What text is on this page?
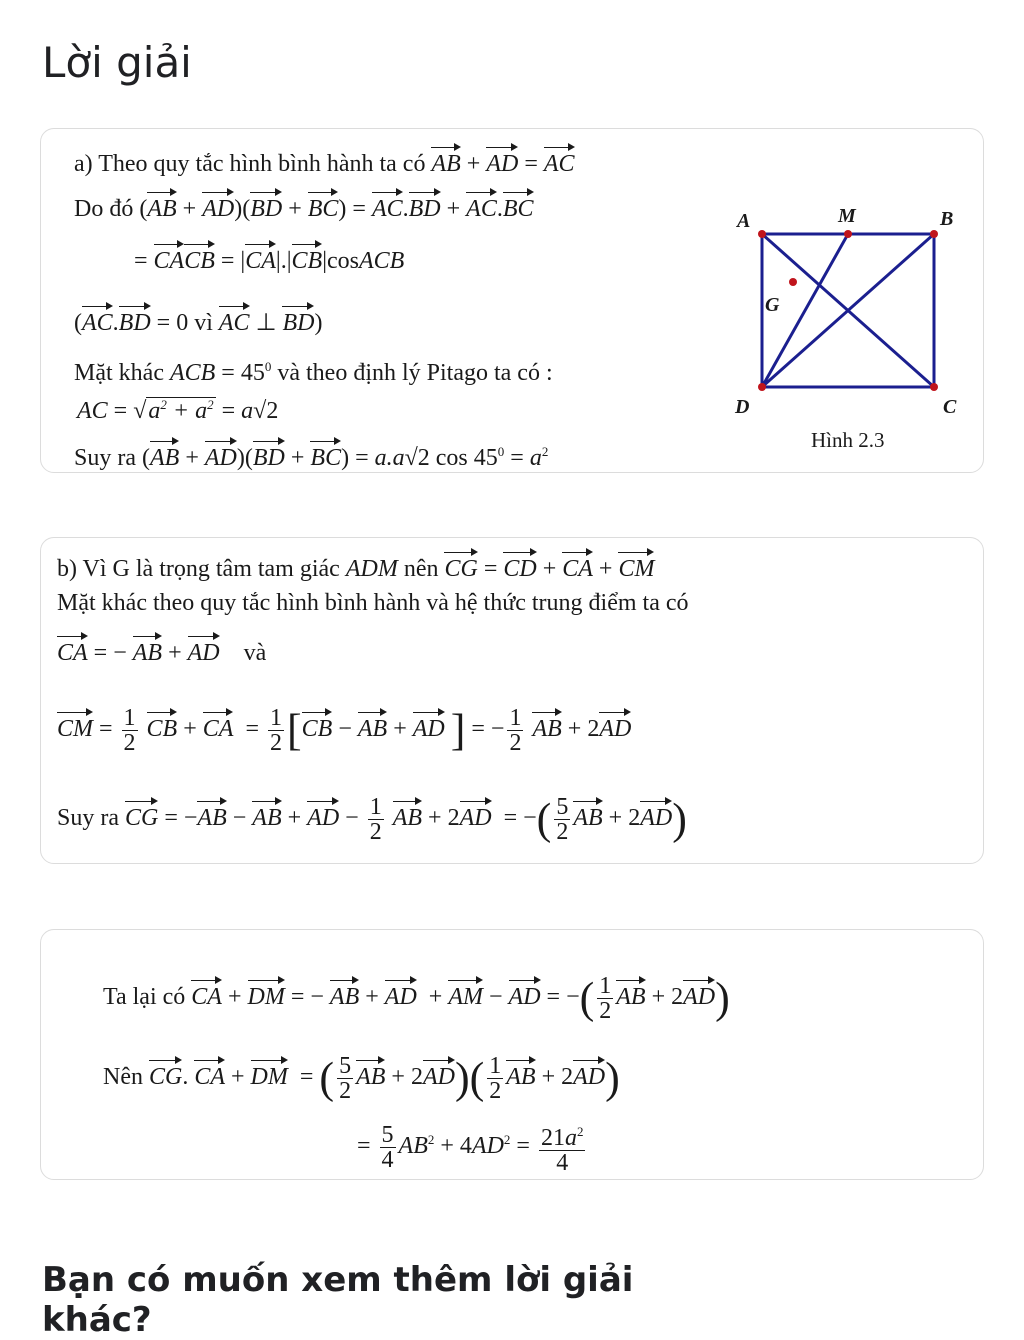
Lời giải
a) Theo quy tắc hình bình hành ta có AB + AD = AC
Do đó (AB + AD)(BD + BC) = AC.BD + AC.BC
= CACB = |CA|.|CB|cosACB
(AC.BD = 0 vì AC ⊥ BD)
Mặt khác ACB = $45^0$ và theo định lý Pitago ta có :
AC = $√a^2 + a^2 = a√2$
Suy ra (AB + AD)(BD + BC) = a.a√2 $\cos 45^0 = a^2$
A	M	B
G
D	C
Hình 2.3
b) Vì G là trọng tâm tam giác ADM nên CG = CD + CA + CM
Mặt khác theo quy tắc hình bình hành và hệ thức trung điểm ta có
CA = − AB + AD và
CM = $\frac{1}{2}$ CB + CA  = $\frac{1}{2} [CB$ − AB + AD ] = − $\frac{1}{2}$ AB + 2AD
Suy ra CG = −AB − AB + AD − $\frac{1}{2}$ AB + 2AD  = −( $\frac{5}{2}$ AB + 2AD)
Ta lại có CA + DM = − AB + AD  + AM − AD = −( $\frac{1}{2}$ AB + 2AD)
Nên CG. CA + DM  = ( $\frac{5}{2}$ AB + $2AD)( \frac{1}{2}$ AB + 2AD)
= $\frac{5}{4} AB^2 + 4AD^2 = \frac{21a^2}{4}$
Bạn có muốn xem thêm lời giải khác?
